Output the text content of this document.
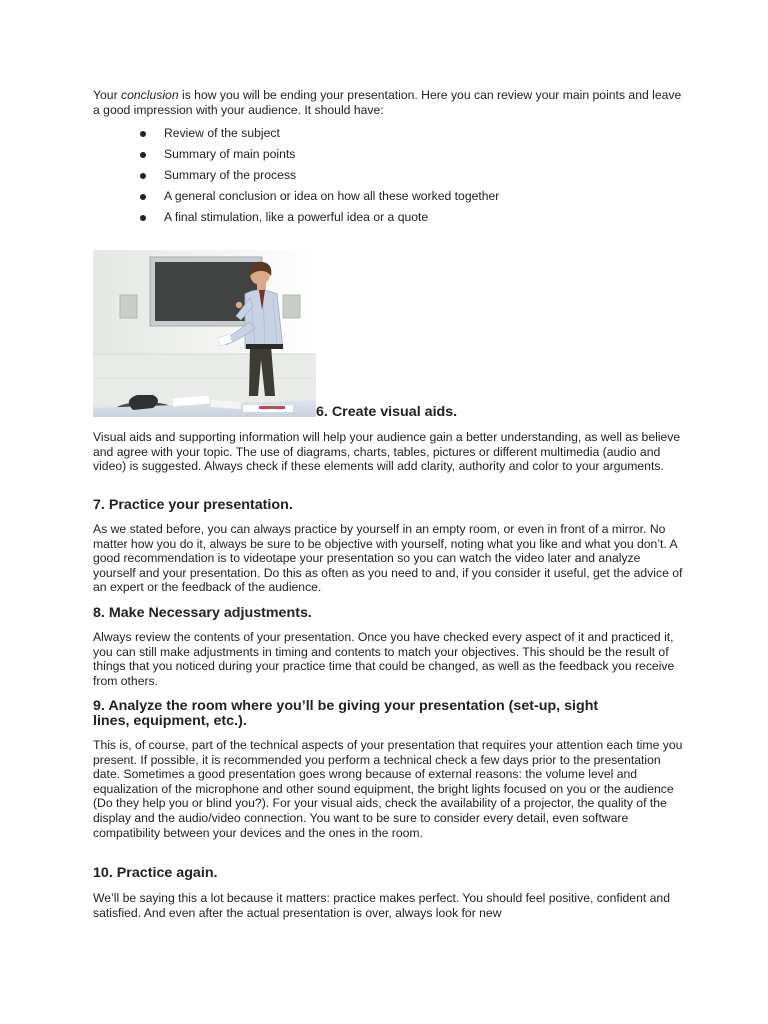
Your conclusion is how you will be ending your presentation. Here you can review your main points and leave a good impression with your audience. It should have:

Review of the subject
Summary of main points
Summary of the process
A general conclusion or idea on how all these worked together
A final stimulation, like a powerful idea or a quote
6. Create visual aids.

Visual aids and supporting information will help your audience gain a better understanding, as well as believe and agree with your topic. The use of diagrams, charts, tables, pictures or different multimedia (audio and video) is suggested. Always check if these elements will add clarity, authority and color to your arguments.

7. Practice your presentation.

As we stated before, you can always practice by yourself in an empty room, or even in front of a mirror. No matter how you do it, always be sure to be objective with yourself, noting what you like and what you don’t. A good recommendation is to videotape your presentation so you can watch the video later and analyze yourself and your presentation. Do this as often as you need to and, if you consider it useful, get the advice of an expert or the feedback of the audience.

8. Make Necessary adjustments.

Always review the contents of your presentation. Once you have checked every aspect of it and practiced it, you can still make adjustments in timing and contents to match your objectives. This should be the result of things that you noticed during your practice time that could be changed, as well as the feedback you receive from others.

9. Analyze the room where you’ll be giving your presentation (set-up, sight lines, equipment, etc.).

This is, of course, part of the technical aspects of your presentation that requires your attention each time you present. If possible, it is recommended you perform a technical check a few days prior to the presentation date. Sometimes a good presentation goes wrong because of external reasons: the volume level and equalization of the microphone and other sound equipment, the bright lights focused on you or the audience (Do they help you or blind you?). For your visual aids, check the availability of a projector, the quality of the display and the audio/video connection. You want to be sure to consider every detail, even software compatibility between your devices and the ones in the room.

10. Practice again.

We’ll be saying this a lot because it matters: practice makes perfect. You should feel positive, confident and satisfied. And even after the actual presentation is over, always look for new
